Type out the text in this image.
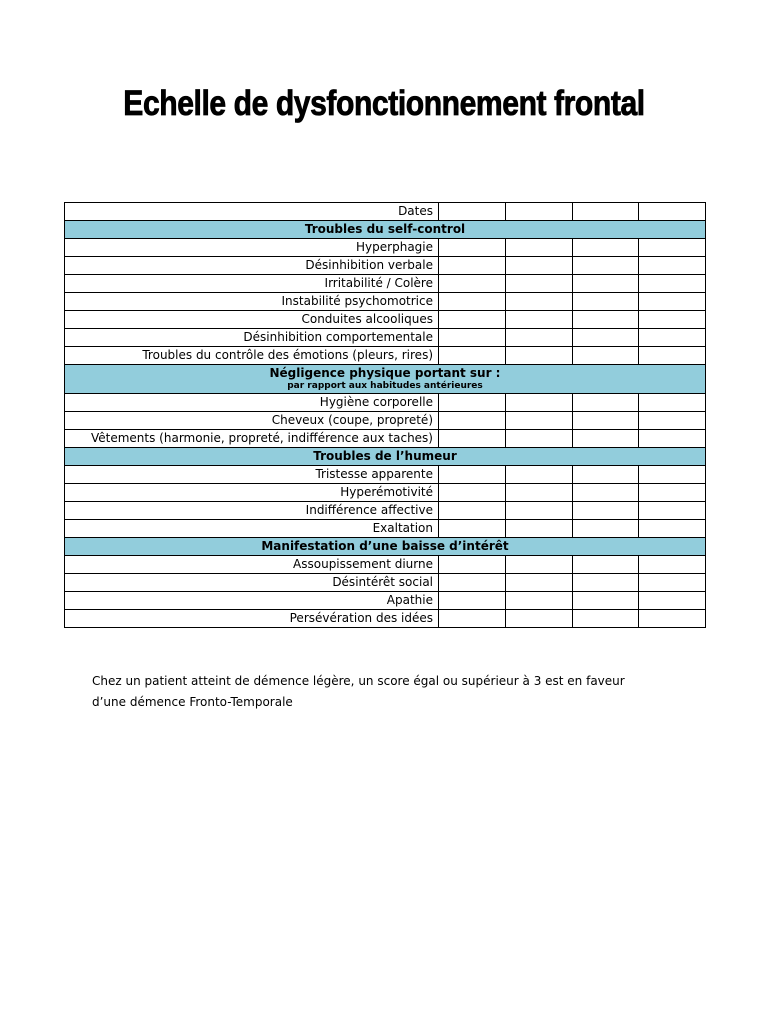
Echelle de dysfonctionnement frontal
Dates				
Troubles du self-control				
Hyperphagie				
Désinhibition verbale				
Irritabilité / Colère				
Instabilité psychomotrice				
Conduites alcooliques				
Désinhibition comportementale				
Troubles du contrôle des émotions (pleurs, rires)				
Négligence physique portant sur :
par rapport aux habitudes antérieures				

Hygiène corporelle				
Cheveux (coupe, propreté)				
Vêtements (harmonie, propreté, indifférence aux taches)				
Troubles de l’humeur				
Tristesse apparente				
Hyperémotivité				
Indifférence affective				
Exaltation				
Manifestation d’une baisse d’intérêt				
Assoupissement diurne				
Désintérêt social				
Apathie				
Persévération des idées				

Chez un patient atteint de démence légère, un score égal ou supérieur à 3 est en faveur

d’une démence Fronto-Temporale
